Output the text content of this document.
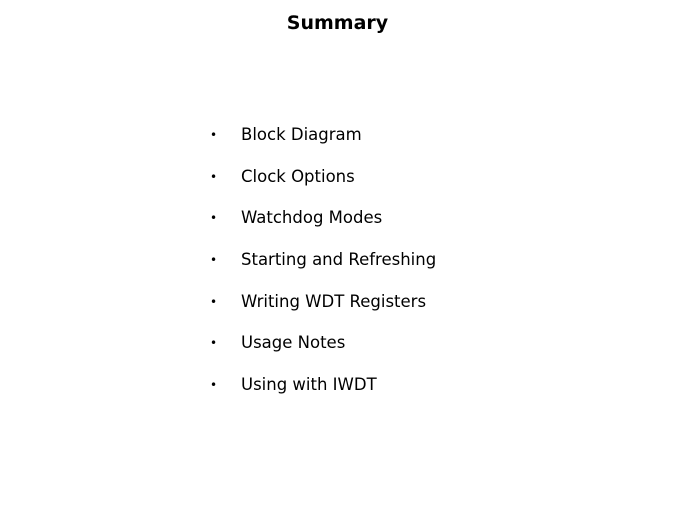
Summary
•	Block Diagram
•	Clock Options
•	Watchdog Modes
•	Starting and Refreshing
•	Writing WDT Registers
•	Usage Notes
•	Using with IWDT
